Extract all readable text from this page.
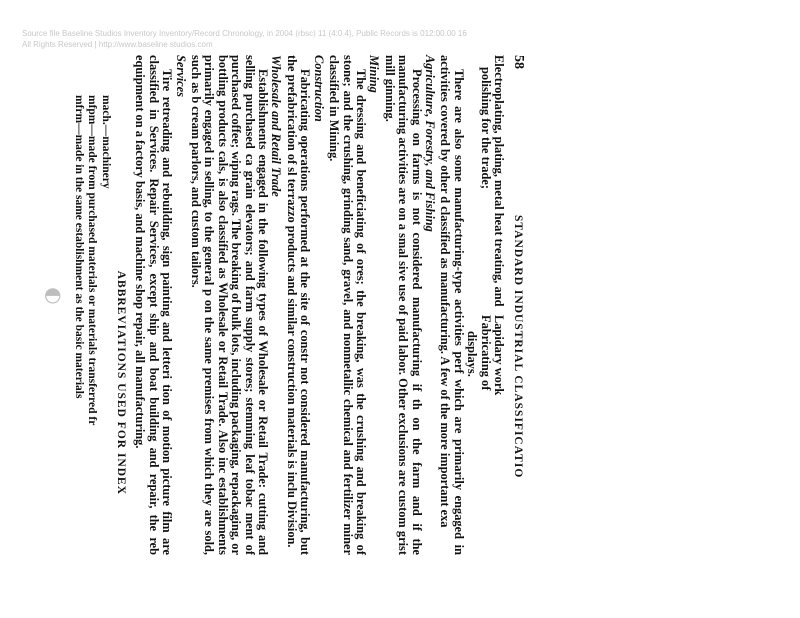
Source file Baseline Studios Inventory Inventory/Record Chronology, in 2004 (rbsc) 11 (4:0 4), Public Records is 012:00.00 16
All Rights Reserved | http://www.baseline studios.com
◐
58
STANDARD INDUSTRIAL CLASSIFICATIO

Electroplating, plating, metal heat treating, and polishing for the trade;

Lapidary work

Fabricating of

displays.

There are also some manufacturing-type activities perf which are primarily engaged in activities covered by other d classified as manufacturing. A few of the more important exa

Agriculture, Forestry, and Fishing

Processing on farms is not considered manufacturing if th on the farm and if the manufacturing activities are on a smal sive use of paid labor. Other exclusions are custom grist mill ginning.

Mining

The dressing and beneficiating of ores; the breaking, was the crushing and breaking of stone; and the crushing, grinding sand, gravel, and nonmetallic chemical and fertilizer miner classified in Mining.

Construction

Fabricating operations performed at the site of constr not considered manufacturing, but the prefabrication of sl terrazzo products and similar construction materials is inclu Division.

Wholesale and Retail Trade

Establishments engaged in the following types of Wholesale or Retail Trade: cutting and selling purchased ca grain elevators; and farm supply stores; stemming leaf tobac ment of purchased coffee; wiping rags. The breaking of bulk lots, including packaging, repackaging, or bottling products cals, is also classified as Wholesale or Retail Trade. Also inc establishments primarily engaged in selling, to the general p on the same premises from which they are sold, such as b cream parlors, and custom tailors.

Services

Tire retreading and rebuilding, sign painting and letteri tion of motion picture film are classified in Services. Repair Services, except ship and boat building and repair, the reb equipment on a factory basis, and machine shop repair, all manufacturing.

ABBREVIATIONS USED FOR INDEX

mach.—machinery
mfpm—made from purchased materials or materials transferred fr
mfrm—made in the same establishment as the basic materials
